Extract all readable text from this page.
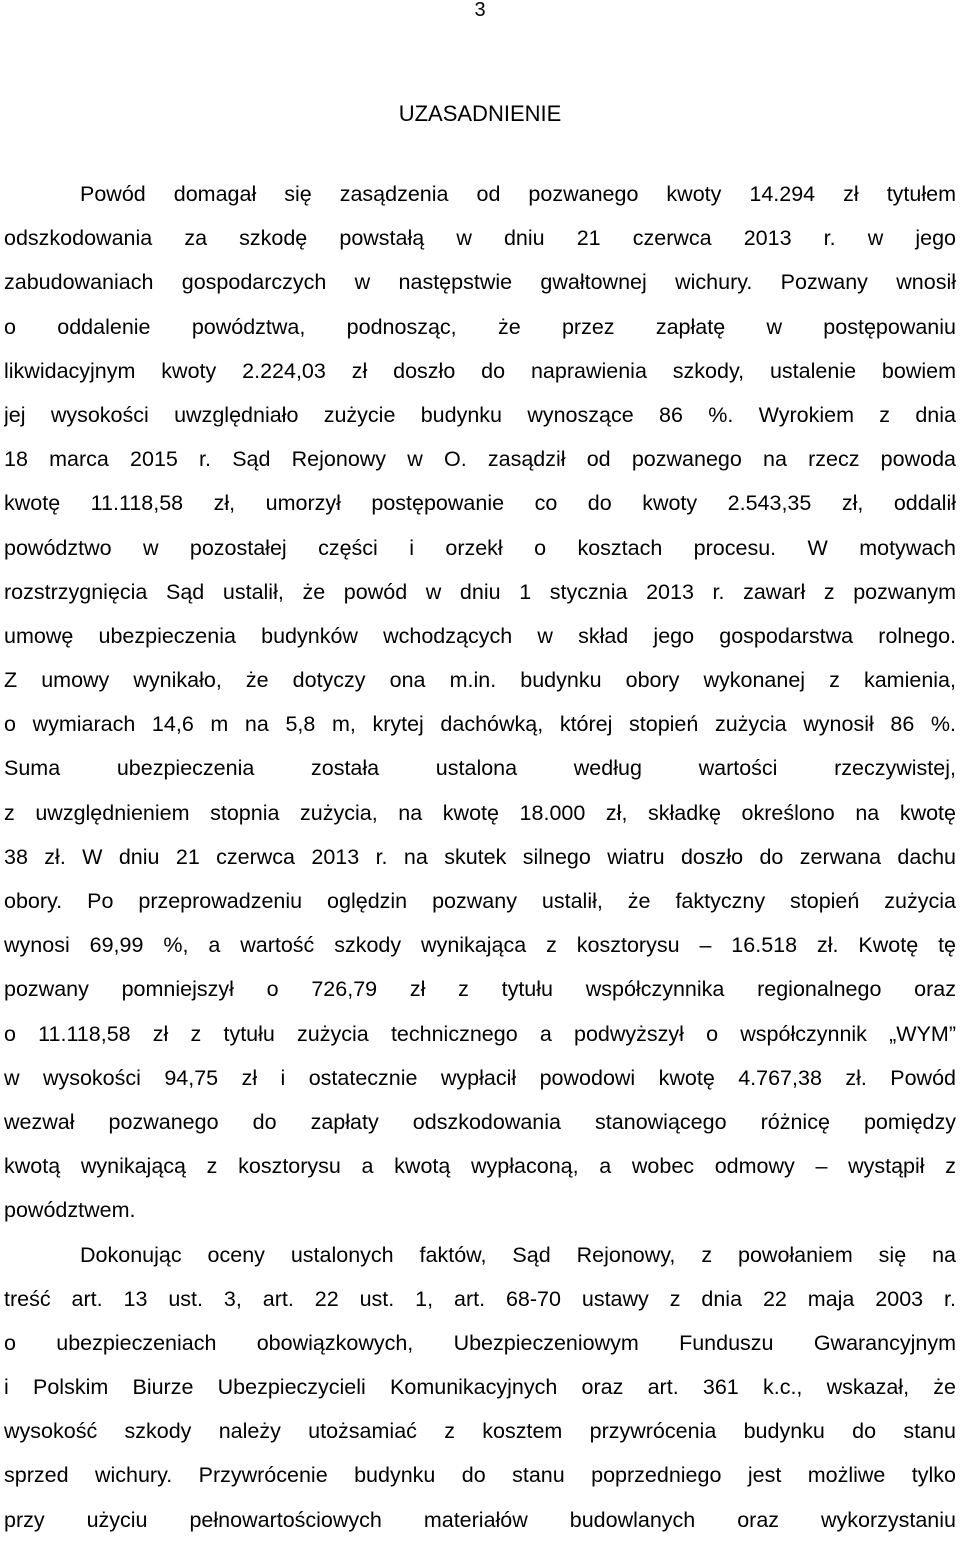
3
UZASADNIENIE
Powód domagał się zasądzenia od pozwanego kwoty 14.294 zł tytułem
odszkodowania za szkodę powstałą w dniu 21 czerwca 2013 r. w jego
zabudowaniach gospodarczych w następstwie gwałtownej wichury. Pozwany wnosił
o oddalenie powództwa, podnosząc, że przez zapłatę w postępowaniu
likwidacyjnym kwoty 2.224,03 zł doszło do naprawienia szkody, ustalenie bowiem
jej wysokości uwzględniało zużycie budynku wynoszące 86 %. Wyrokiem z dnia
18 marca 2015 r. Sąd Rejonowy w O. zasądził od pozwanego na rzecz powoda
kwotę 11.118,58 zł, umorzył postępowanie co do kwoty 2.543,35 zł, oddalił
powództwo w pozostałej części i orzekł o kosztach procesu. W motywach
rozstrzygnięcia Sąd ustalił, że powód w dniu 1 stycznia 2013 r. zawarł z pozwanym
umowę ubezpieczenia budynków wchodzących w skład jego gospodarstwa rolnego.
Z umowy wynikało, że dotyczy ona m.in. budynku obory wykonanej z kamienia,
o wymiarach 14,6 m na 5,8 m, krytej dachówką, której stopień zużycia wynosił 86 %.
Suma ubezpieczenia została ustalona według wartości rzeczywistej,
z uwzględnieniem stopnia zużycia, na kwotę 18.000 zł, składkę określono na kwotę
38 zł. W dniu 21 czerwca 2013 r. na skutek silnego wiatru doszło do zerwana dachu
obory. Po przeprowadzeniu oględzin pozwany ustalił, że faktyczny stopień zużycia
wynosi 69,99 %, a wartość szkody wynikająca z kosztorysu – 16.518 zł. Kwotę tę
pozwany pomniejszył o 726,79 zł z tytułu współczynnika regionalnego oraz
o 11.118,58 zł z tytułu zużycia technicznego a podwyższył o współczynnik „WYM”
w wysokości 94,75 zł i ostatecznie wypłacił powodowi kwotę 4.767,38 zł. Powód
wezwał pozwanego do zapłaty odszkodowania stanowiącego różnicę pomiędzy
kwotą wynikającą z kosztorysu a kwotą wypłaconą, a wobec odmowy – wystąpił z
powództwem.
Dokonując oceny ustalonych faktów, Sąd Rejonowy, z powołaniem się na
treść art. 13 ust. 3, art. 22 ust. 1, art. 68-70 ustawy z dnia 22 maja 2003 r.
o ubezpieczeniach obowiązkowych, Ubezpieczeniowym Funduszu Gwarancyjnym
i Polskim Biurze Ubezpieczycieli Komunikacyjnych oraz art. 361 k.c., wskazał, że
wysokość szkody należy utożsamiać z kosztem przywrócenia budynku do stanu
sprzed wichury. Przywrócenie budynku do stanu poprzedniego jest możliwe tylko
przy użyciu pełnowartościowych materiałów budowlanych oraz wykorzystaniu
